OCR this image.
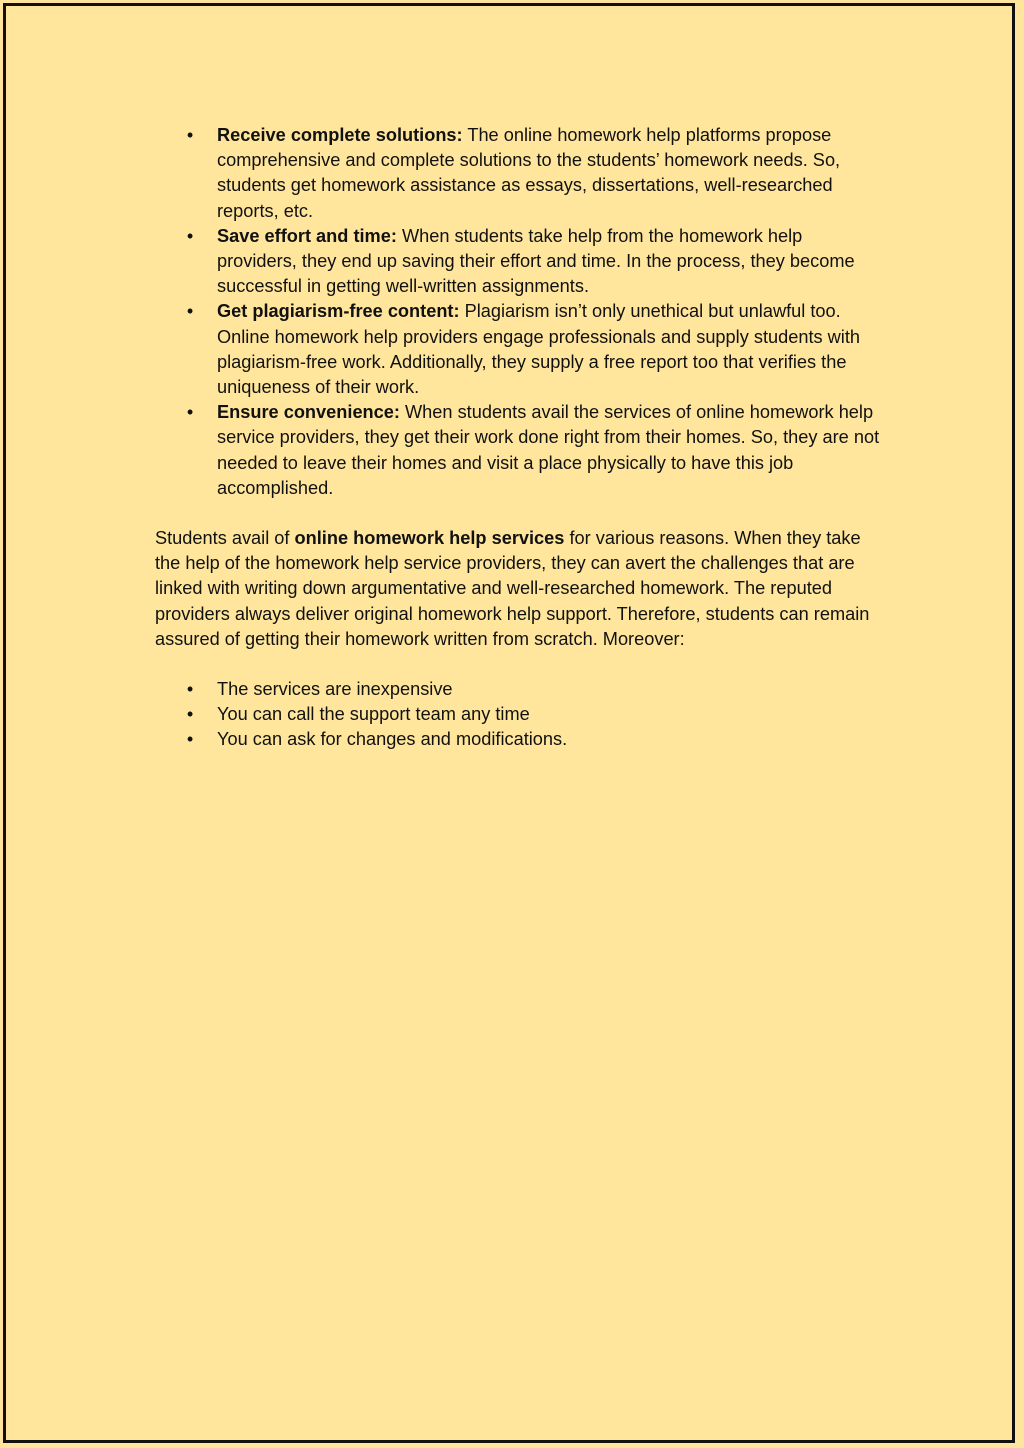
• Receive complete solutions: The online homework help platforms propose comprehensive and complete solutions to the students’ homework needs. So, students get homework assistance as essays, dissertations, well-researched reports, etc.
• Save effort and time: When students take help from the homework help providers, they end up saving their effort and time. In the process, they become successful in getting well-written assignments.
• Get plagiarism-free content: Plagiarism isn’t only unethical but unlawful too. Online homework help providers engage professionals and supply students with plagiarism-free work. Additionally, they supply a free report too that verifies the uniqueness of their work.
• Ensure convenience: When students avail the services of online homework help service providers, they get their work done right from their homes. So, they are not needed to leave their homes and visit a place physically to have this job accomplished.

Students avail of online homework help services for various reasons. When they take the help of the homework help service providers, they can avert the challenges that are linked with writing down argumentative and well-researched homework. The reputed providers always deliver original homework help support. Therefore, students can remain assured of getting their homework written from scratch. Moreover:

• The services are inexpensive
• You can call the support team any time
• You can ask for changes and modifications.
